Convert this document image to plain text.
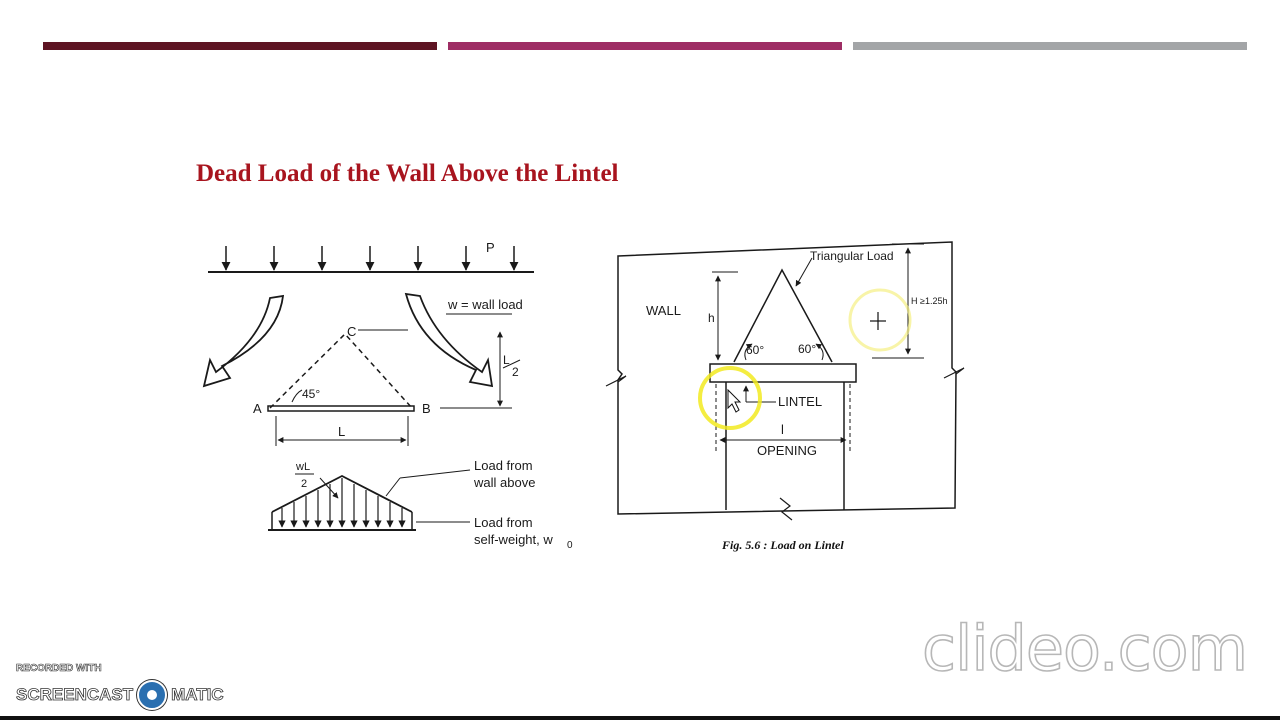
Dead Load of the Wall Above the Lintel
P
w = wall load
C
45°
A	B
L
2
L
wL
2
Load from
wall above
Load from
self-weight, w 0
WALL
Triangular Load
h
60°	60°
H ≥1.25h
LINTEL
l
OPENING
Fig. 5.6 : Load on Lintel
clideo.com
RECORDED WITH
SCREENCAST MATIC
